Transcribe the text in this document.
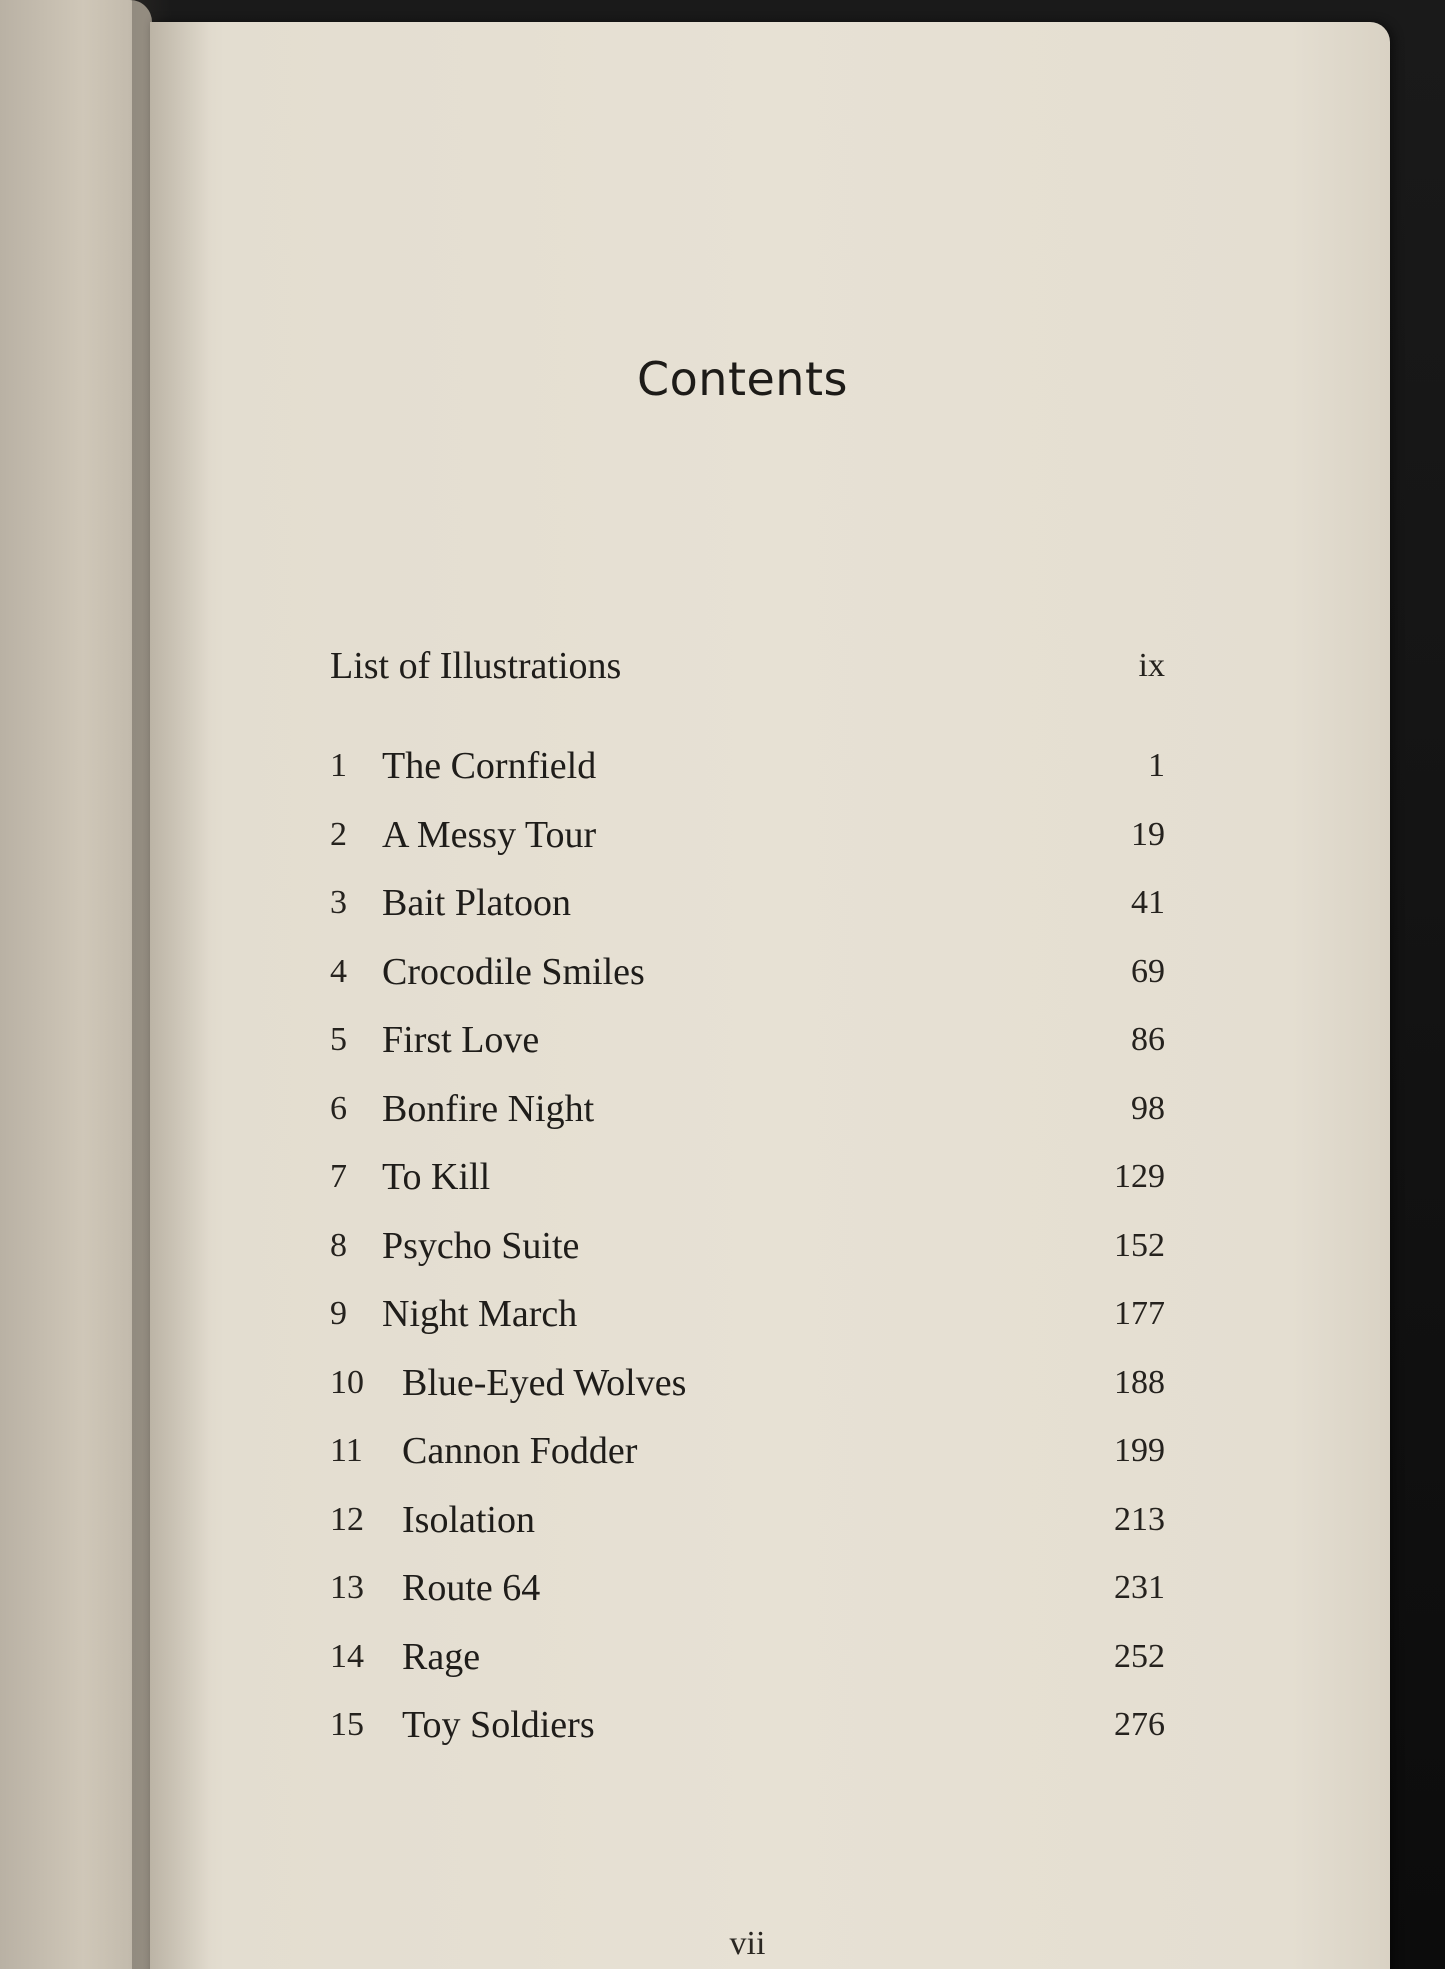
Contents
List of Illustrations	ix
1 The Cornfield	1
2 A Messy Tour	19
3 Bait Platoon	41
4 Crocodile Smiles	69
5 First Love	86
6 Bonfire Night	98
7 To Kill	129
8 Psycho Suite	152
9 Night March	177
10 Blue-Eyed Wolves	188
11 Cannon Fodder	199
12 Isolation	213
13 Route 64	231
14 Rage	252
15 Toy Soldiers	276
vii
